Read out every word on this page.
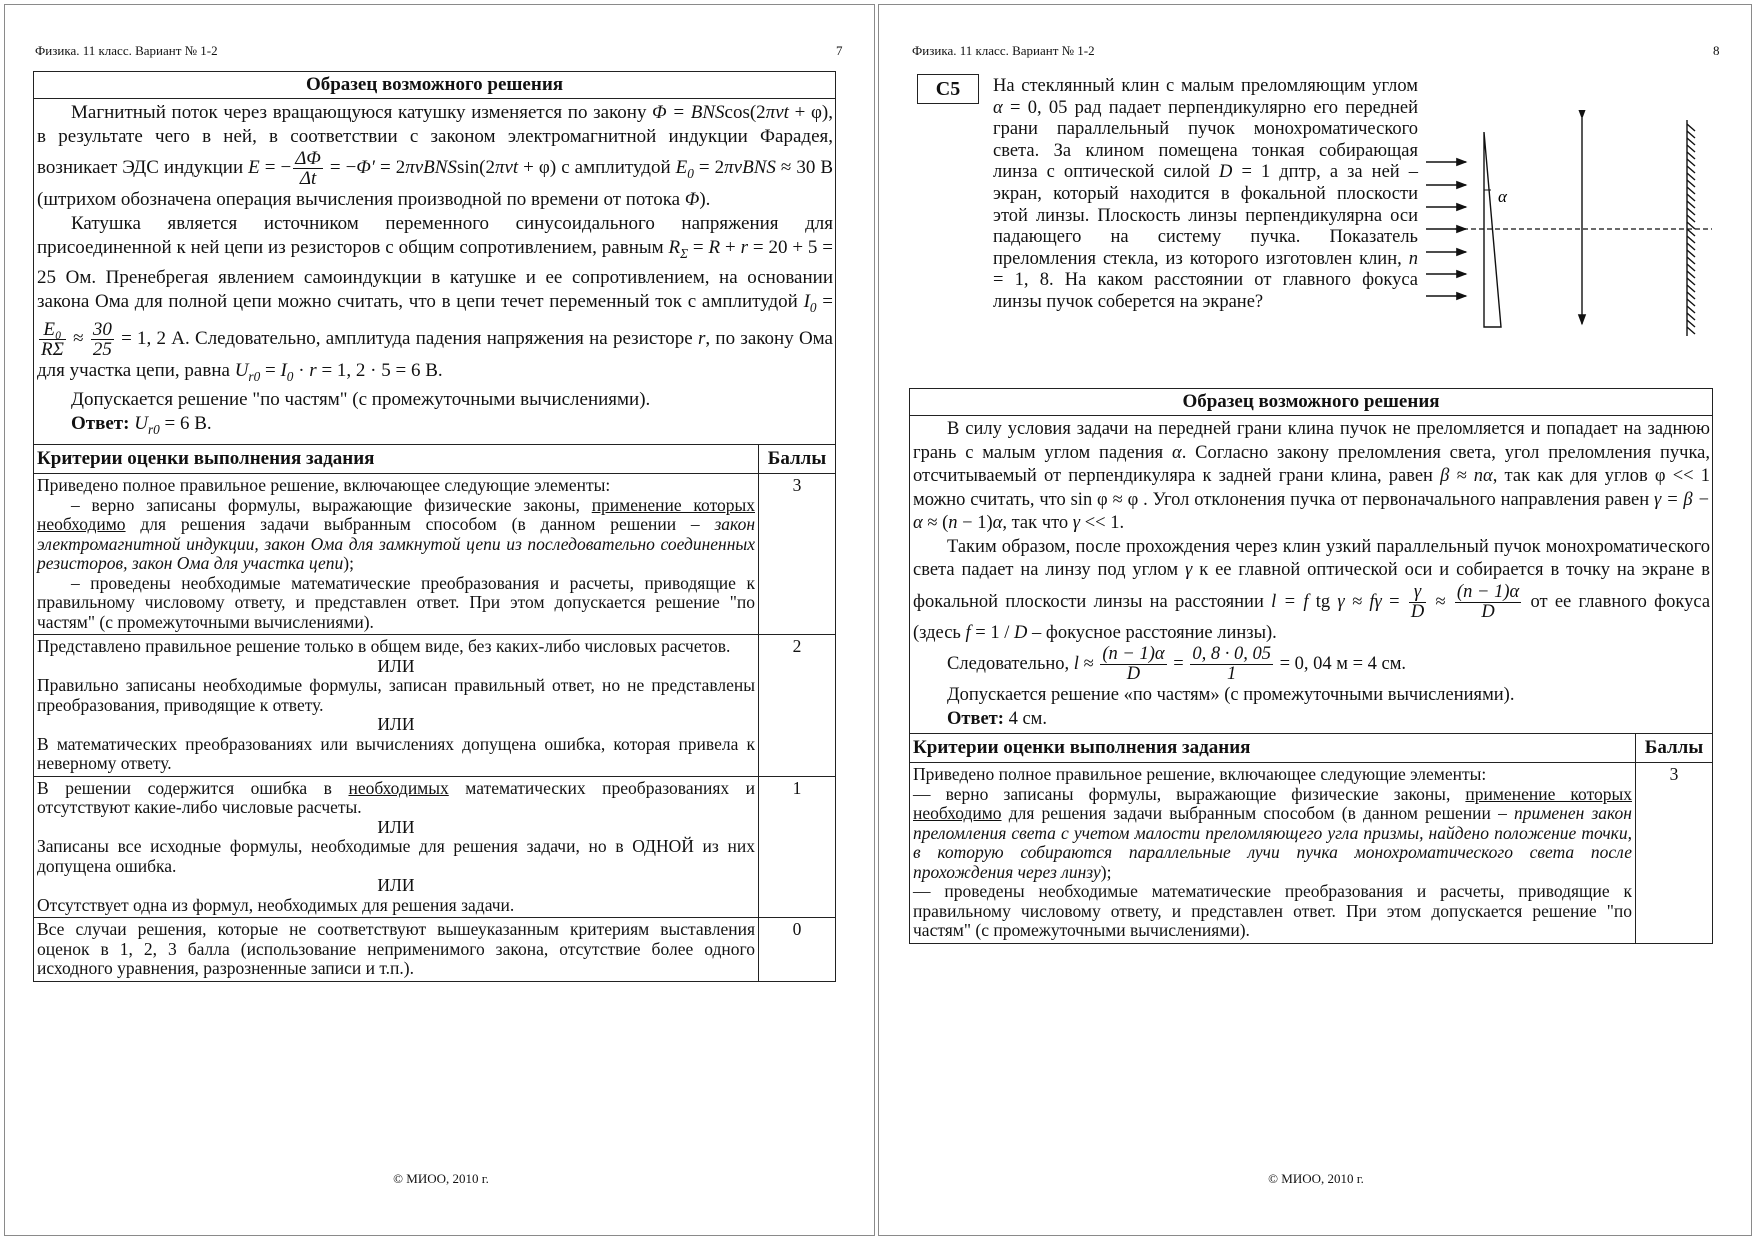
Физика. 11 класс. Вариант № 1-2	7
Образец возможного решения

Магнитный поток через вращающуюся катушку изменяется по закону Φ = BNScos(2πνt + φ), в результате чего в ней, в соответствии с законом электромагнитной индукции Фарадея, возникает ЭДС индукции E = − $\frac{\Delta\Phi}{\Delta t} = -\Phi' = 2\pi\nu BNSsin(2\pi\nu t + \varphi)$ с амплитудой $E_0 = 2\pi\nu BNS \approx 30$ В (штрихом обозначена операция вычисления производной по времени от потока Φ).

Катушка является источником переменного синусоидального напряжения для присоединенной к ней цепи из резисторов с общим сопротивлением, равным $R_\Sigma = R + r = 20 + 5 = 25$ Ом. Пренебрегая явлением самоиндукции в катушке и ее сопротивлением, на основании закона Ома для полной цепи можно считать, что в цепи течет переменный ток с амплитудой $I_0$ =
$\frac{\text{E₀}}{R\Sigma} \approx \frac{30}{25} = 1$, 2 А. Следовательно, амплитуда падения напряжения на резисторе r, по закону Ома для участка цепи, равна $U_{r0} = I_0 \cdot r = 1$, 2 · 5 = 6 В.

Допускается решение "по частям" (с промежуточными вычислениями).

Ответ: $U_{r0} = 6$ В.

Критерии оценки выполнения задания	Баллы

Приведено полное правильное решение, включающее следующие элементы:

– верно записаны формулы, выражающие физические законы, применение которых необходимо для решения задачи выбранным способом (в данном решении – закон электромагнитной индукции, закон Ома для замкнутой цепи из последовательно соединенных резисторов, закон Ома для участка цепи);

– проведены необходимые математические преобразования и расчеты, приводящие к правильному числовому ответу, и представлен ответ. При этом допускается решение "по частям" (с промежуточными вычислениями).	3

Представлено правильное решение только в общем виде, без каких-либо числовых расчетов.

ИЛИ

Правильно записаны необходимые формулы, записан правильный ответ, но не представлены преобразования, приводящие к ответу.

ИЛИ

В математических преобразованиях или вычислениях допущена ошибка, которая привела к неверному ответу.	2

В решении содержится ошибка в необходимых математических преобразованиях и отсутствуют какие-либо числовые расчеты.

ИЛИ

Записаны все исходные формулы, необходимые для решения задачи, но в ОДНОЙ из них допущена ошибка.

ИЛИ

Отсутствует одна из формул, необходимых для решения задачи.	1

Все случаи решения, которые не соответствуют вышеуказанным критериям выставления оценок в 1, 2, 3 балла (использование неприменимого закона, отсутствие более одного исходного уравнения, разрозненные записи и т.п.).	0
© МИОО, 2010 г.
Физика. 11 класс. Вариант № 1-2	8
Образец возможного решения

В силу условия задачи на передней грани клина пучок не преломляется и попадает на заднюю грань с малым углом падения α. Согласно закону преломления света, угол преломления пучка, отсчитываемый от перпендикуляра к задней грани клина, равен β ≈ nα, так как для углов φ << 1 можно считать, что sin φ ≈ φ . Угол отклонения пучка от первоначального направления равен γ = β − α ≈ (n − 1)α, так что γ << 1.

Таким образом, после прохождения через клин узкий параллельный пучок монохроматического света падает на линзу под углом γ к ее главной оптической оси и собирается в точку на экране в фокальной плоскости линзы на расстоянии l = f tg $\gamma \approx f\gamma = \frac{\gamma}{D} \approx \frac{(n - 1)\alpha}{D}$ от ее главного фокуса (здесь f = 1 / D – фокусное расстояние линзы).

Следовательно, $l \approx \frac{(n - 1)\alpha}{D} = \frac{0, 8 \cdot 0, 05}{1} = 0$, 04 м = 4 см.

Допускается решение «по частям» (с промежуточными вычислениями).

Ответ: 4 см.

Критерии оценки выполнения задания	Баллы

Приведено полное правильное решение, включающее следующие элементы:

— верно записаны формулы, выражающие физические законы, применение которых необходимо для решения задачи выбранным способом (в данном решении – применен закон преломления света с учетом малости преломляющего угла призмы, найдено положение точки, в которую собираются параллельные лучи пучка монохроматического света после прохождения через линзу);

— проведены необходимые математические преобразования и расчеты, приводящие к правильному числовому ответу, и представлен ответ. При этом допускается решение "по частям" (с промежуточными вычислениями).	3
© МИОО, 2010 г.
С5	На стеклянный клин с малым преломляющим углом α = 0, 05 рад падает перпендикулярно его передней грани параллельный пучок монохроматического света. За клином помещена тонкая собирающая линза с оптической силой D = 1 дптр, а за ней – экран, который находится в фокальной плоскости этой линзы. Плоскость линзы перпендикулярна оси падающего на систему пучка. Показатель преломления стекла, из которого изготовлен клин, n = 1, 8. На каком расстоянии от главного фокуса линзы пучок соберется на экране?
α
